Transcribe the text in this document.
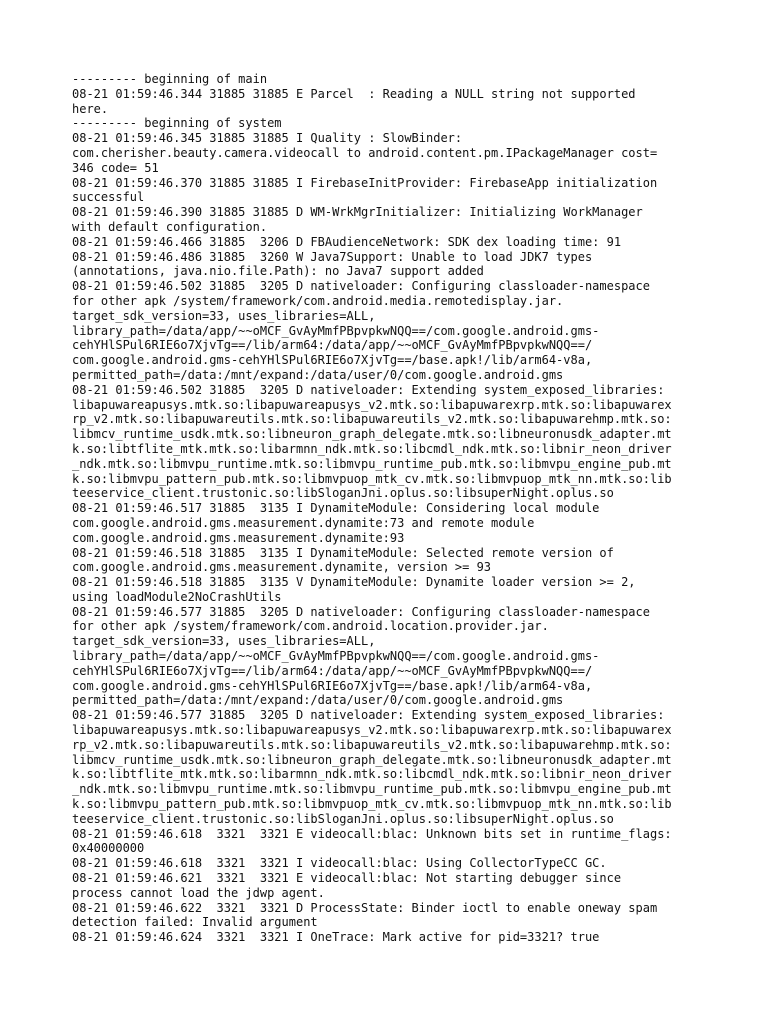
--------- beginning of main
08-21 01:59:46.344 31885 31885 E Parcel  : Reading a NULL string not supported
here.
--------- beginning of system
08-21 01:59:46.345 31885 31885 I Quality : SlowBinder:
com.cherisher.beauty.camera.videocall to android.content.pm.IPackageManager cost=
346 code= 51
08-21 01:59:46.370 31885 31885 I FirebaseInitProvider: FirebaseApp initialization
successful
08-21 01:59:46.390 31885 31885 D WM-WrkMgrInitializer: Initializing WorkManager
with default configuration.
08-21 01:59:46.466 31885  3206 D FBAudienceNetwork: SDK dex loading time: 91
08-21 01:59:46.486 31885  3260 W Java7Support: Unable to load JDK7 types
(annotations, java.nio.file.Path): no Java7 support added
08-21 01:59:46.502 31885  3205 D nativeloader: Configuring classloader-namespace
for other apk /system/framework/com.android.media.remotedisplay.jar.
target_sdk_version=33, uses_libraries=ALL,
library_path=/data/app/~~oMCF_GvAyMmfPBpvpkwNQQ==/com.google.android.gms-
cehYHlSPul6RIE6o7XjvTg==/lib/arm64:/data/app/~~oMCF_GvAyMmfPBpvpkwNQQ==/
com.google.android.gms-cehYHlSPul6RIE6o7XjvTg==/base.apk!/lib/arm64-v8a,
permitted_path=/data:/mnt/expand:/data/user/0/com.google.android.gms
08-21 01:59:46.502 31885  3205 D nativeloader: Extending system_exposed_libraries:
libapuwareapusys.mtk.so:libapuwareapusys_v2.mtk.so:libapuwarexrp.mtk.so:libapuwarex
rp_v2.mtk.so:libapuwareutils.mtk.so:libapuwareutils_v2.mtk.so:libapuwarehmp.mtk.so:
libmcv_runtime_usdk.mtk.so:libneuron_graph_delegate.mtk.so:libneuronusdk_adapter.mt
k.so:libtflite_mtk.mtk.so:libarmnn_ndk.mtk.so:libcmdl_ndk.mtk.so:libnir_neon_driver
_ndk.mtk.so:libmvpu_runtime.mtk.so:libmvpu_runtime_pub.mtk.so:libmvpu_engine_pub.mt
k.so:libmvpu_pattern_pub.mtk.so:libmvpuop_mtk_cv.mtk.so:libmvpuop_mtk_nn.mtk.so:lib
teeservice_client.trustonic.so:libSloganJni.oplus.so:libsuperNight.oplus.so
08-21 01:59:46.517 31885  3135 I DynamiteModule: Considering local module
com.google.android.gms.measurement.dynamite:73 and remote module
com.google.android.gms.measurement.dynamite:93
08-21 01:59:46.518 31885  3135 I DynamiteModule: Selected remote version of
com.google.android.gms.measurement.dynamite, version >= 93
08-21 01:59:46.518 31885  3135 V DynamiteModule: Dynamite loader version >= 2,
using loadModule2NoCrashUtils
08-21 01:59:46.577 31885  3205 D nativeloader: Configuring classloader-namespace
for other apk /system/framework/com.android.location.provider.jar.
target_sdk_version=33, uses_libraries=ALL,
library_path=/data/app/~~oMCF_GvAyMmfPBpvpkwNQQ==/com.google.android.gms-
cehYHlSPul6RIE6o7XjvTg==/lib/arm64:/data/app/~~oMCF_GvAyMmfPBpvpkwNQQ==/
com.google.android.gms-cehYHlSPul6RIE6o7XjvTg==/base.apk!/lib/arm64-v8a,
permitted_path=/data:/mnt/expand:/data/user/0/com.google.android.gms
08-21 01:59:46.577 31885  3205 D nativeloader: Extending system_exposed_libraries:
libapuwareapusys.mtk.so:libapuwareapusys_v2.mtk.so:libapuwarexrp.mtk.so:libapuwarex
rp_v2.mtk.so:libapuwareutils.mtk.so:libapuwareutils_v2.mtk.so:libapuwarehmp.mtk.so:
libmcv_runtime_usdk.mtk.so:libneuron_graph_delegate.mtk.so:libneuronusdk_adapter.mt
k.so:libtflite_mtk.mtk.so:libarmnn_ndk.mtk.so:libcmdl_ndk.mtk.so:libnir_neon_driver
_ndk.mtk.so:libmvpu_runtime.mtk.so:libmvpu_runtime_pub.mtk.so:libmvpu_engine_pub.mt
k.so:libmvpu_pattern_pub.mtk.so:libmvpuop_mtk_cv.mtk.so:libmvpuop_mtk_nn.mtk.so:lib
teeservice_client.trustonic.so:libSloganJni.oplus.so:libsuperNight.oplus.so
08-21 01:59:46.618  3321  3321 E videocall:blac: Unknown bits set in runtime_flags:
0x40000000
08-21 01:59:46.618  3321  3321 I videocall:blac: Using CollectorTypeCC GC.
08-21 01:59:46.621  3321  3321 E videocall:blac: Not starting debugger since
process cannot load the jdwp agent.
08-21 01:59:46.622  3321  3321 D ProcessState: Binder ioctl to enable oneway spam
detection failed: Invalid argument
08-21 01:59:46.624  3321  3321 I OneTrace: Mark active for pid=3321? true
